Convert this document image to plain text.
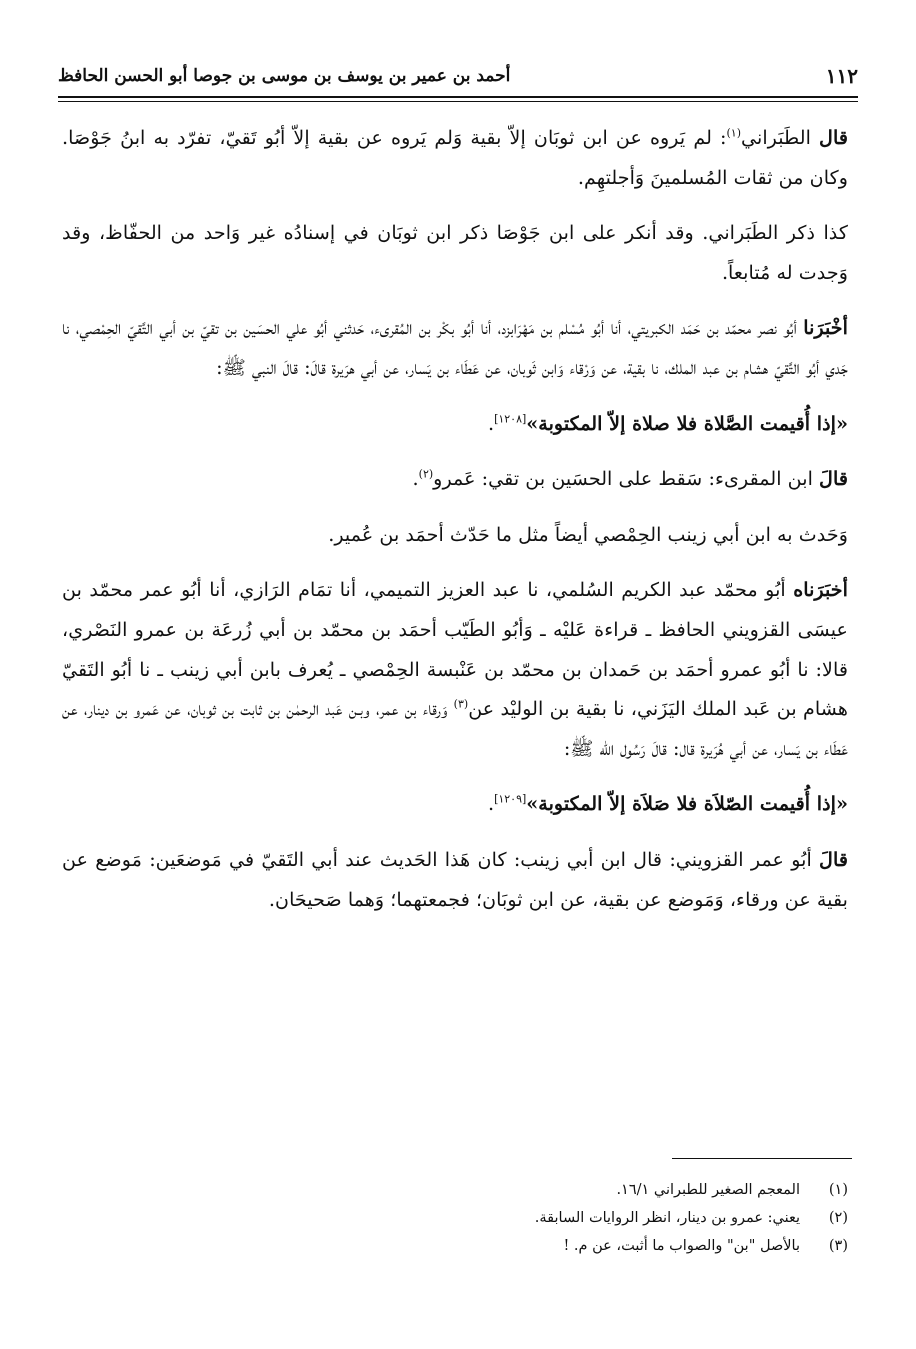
١١٢
أحمد بن عمير بن يوسف بن موسى بن جوصا أبو الحسن الحافظ

قال الطَبَراني$^{(١)}$: لم يَروه عن ابن ثوبَان إلاّ بقية وَلم يَروه عن بقية إلاّ أبُو تَقيّ، تفرّد به ابنُ جَوْصَا. وكان من ثقات المُسلمينَ وَأجلتهِم.

كذا ذكر الطَبَراني. وقد أنكر على ابن جَوْصَا ذكر ابن ثوبَان في إسنادُه غير وَاحد من الحفّاظ، وقد وَجدت له مُتابعاً.

أخْبَرَنا أبُو نصر محمّد بن حَمَد الكبريتي، أنا أبُو مُسْلم بن مَهْرَابزد، أنا أبُو بكْر بن المُقرىء، حَدثني أبُو علي الحسَين بن تقيّ بن أبي التَّقيّ الحِمْصي، نا جَدي أبُو التَّقيّ هشام بن عبد الملك، نا بقية، عن وَرْقاء وَابن ثَوبان، عن عَطَاء بن يَسار، عن أبي هرَيرة قالَ: قالَ النبي ﷺ:

«إذا أُقيمت الصَّلاة فلا صلاة إلاّ المكتوبة»[١٢٠٨].

قالَ ابن المقرىء: سَقط على الحسَين بن تقي: عَمرو$^{(٢)}$.

وَحَدث به ابن أبي زينب الحِمْصي أيضاً مثل ما حَدّث أحمَد بن عُمير.

أخبَرَناه أبُو محمّد عبد الكريم السُلمي، نا عبد العزيز التميمي، أنا تمَام الرَازي، أنا أبُو عمر محمّد بن عيسَى القزويني الحافظ ـ قراءة عَليْه ـ وَأبُو الطَيّب أحمَد بن محمّد بن أبي زُرعَة بن عمرو النَصْري، قالا: نا أبُو عمرو أحمَد بن حَمدان بن محمّد بن عَنْبسة الحِمْصي ـ يُعرف بابن أبي زينب ـ نا أبُو التَقيّ هشام بن عَبد الملك اليَزَني، نا بقية بن الوليْد عن$^{(٣)}$ وَرقاء بن عمر، وبـن عَبد الرحمٰن بن ثابت بن ثوبان، عن عَمرو بن دينار، عن عَطَاء بن يَسار، عن أبي هُرَيرة قال: قالَ رَسُول الله ﷺ:

«إذا أُقيمت الصّلاَة فلا صَلاَة إلاّ المكتوبة»[١٢٠٩].

قالَ أبُو عمر القزويني: قال ابن أبي زينب: كان هَذا الحَديث عند أبي التَقيّ في مَوضعَين: مَوضع عن بقية عن ورقاء، وَمَوضع عن بقية، عن ابن ثوبَان؛ فجمعتهما؛ وَهما صَحيحَان.

(١)
المعجم الصغير للطبراني ١٦/١.
(٢)
يعني: عمرو بن دينار، انظر الروايات السابقة.
(٣)
بالأصل "بن" والصواب ما أثبت، عن م. !
